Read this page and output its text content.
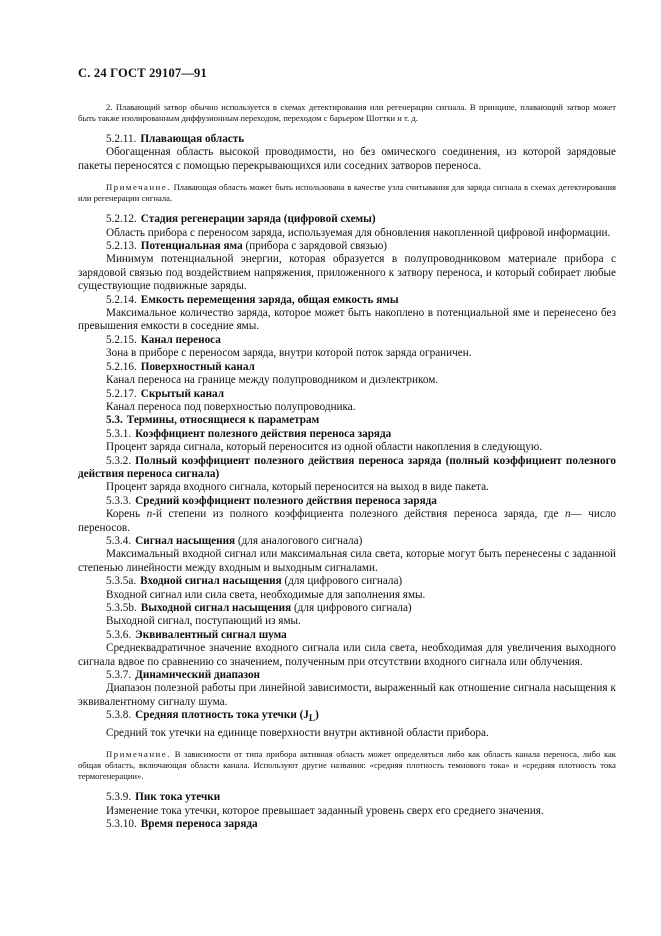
С. 24 ГОСТ 29107—91

2. Плавающий затвор обычно используется в схемах детектирования или регенерации сигнала. В принципе, плавающий затвор может быть также изолированным диффузионным переходом, переходом с барьером Шоттки и т. д.

5.2.11. Плавающая область

Обогащенная область высокой проводимости, но без омического соединения, из которой зарядовые пакеты переносятся с помощью перекрывающихся или соседних затворов переноса.

Примечание. Плавающая область может быть использована в качестве узла считывания для заряда сигнала в схемах детектирования или регенерации сигнала.

5.2.12. Стадия регенерации заряда (цифровой схемы)

Область прибора с переносом заряда, используемая для обновления накопленной цифровой информации.

5.2.13. Потенциальная яма (прибора с зарядовой связью)

Минимум потенциальной энергии, которая образуется в полупроводниковом материале прибора с зарядовой связью под воздействием напряжения, приложенного к затвору переноса, и который собирает любые существующие подвижные заряды.

5.2.14. Емкость перемещения заряда, общая емкость ямы

Максимальное количество заряда, которое может быть накоплено в потенциальной яме и перенесено без превышения емкости в соседние ямы.

5.2.15. Канал переноса

Зона в приборе с переносом заряда, внутри которой поток заряда ограничен.

5.2.16. Поверхностный канал

Канал переноса на границе между полупроводником и диэлектриком.

5.2.17. Скрытый канал

Канал переноса под поверхностью полупроводника.

5.3. Термины, относящиеся к параметрам

5.3.1. Коэффициент полезного действия переноса заряда

Процент заряда сигнала, который переносится из одной области накопления в следующую.

5.3.2. Полный коэффициент полезного действия переноса заряда (полный коэффициент полезного действия переноса сигнала)

Процент заряда входного сигнала, который переносится на выход в виде пакета.

5.3.3. Средний коэффициент полезного действия переноса заряда

Корень n-й степени из полного коэффициента полезного действия переноса заряда, где n— число переносов.

5.3.4. Сигнал насыщения (для аналогового сигнала)

Максимальный входной сигнал или максимальная сила света, которые могут быть перенесены с заданной степенью линейности между входным и выходным сигналами.

5.3.5a. Входной сигнал насыщения (для цифрового сигнала)

Входной сигнал или сила света, необходимые для заполнения ямы.

5.3.5b. Выходной сигнал насыщения (для цифрового сигнала)

Выходной сигнал, поступающий из ямы.

5.3.6. Эквивалентный сигнал шума

Среднеквадратичное значение входного сигнала или сила света, необходимая для увеличения выходного сигнала вдвое по сравнению со значением, полученным при отсутствии входного сигнала или облучения.

5.3.7. Динамический диапазон

Диапазон полезной работы при линейной зависимости, выраженный как отношение сигнала насыщения к эквивалентному сигналу шума.

5.3.8. Средняя плотность тока утечки $(J_L)$

Средний ток утечки на единице поверхности внутри активной области прибора.

Примечание. В зависимости от типа прибора активная область может определяться либо как область канала переноса, либо как общая область, включающая области канала. Используют другие названия: «средняя плотность темнового тока» и «средняя плотность тока термогенерации».

5.3.9. Пик тока утечки

Изменение тока утечки, которое превышает заданный уровень сверх его среднего значения.

5.3.10. Время переноса заряда
